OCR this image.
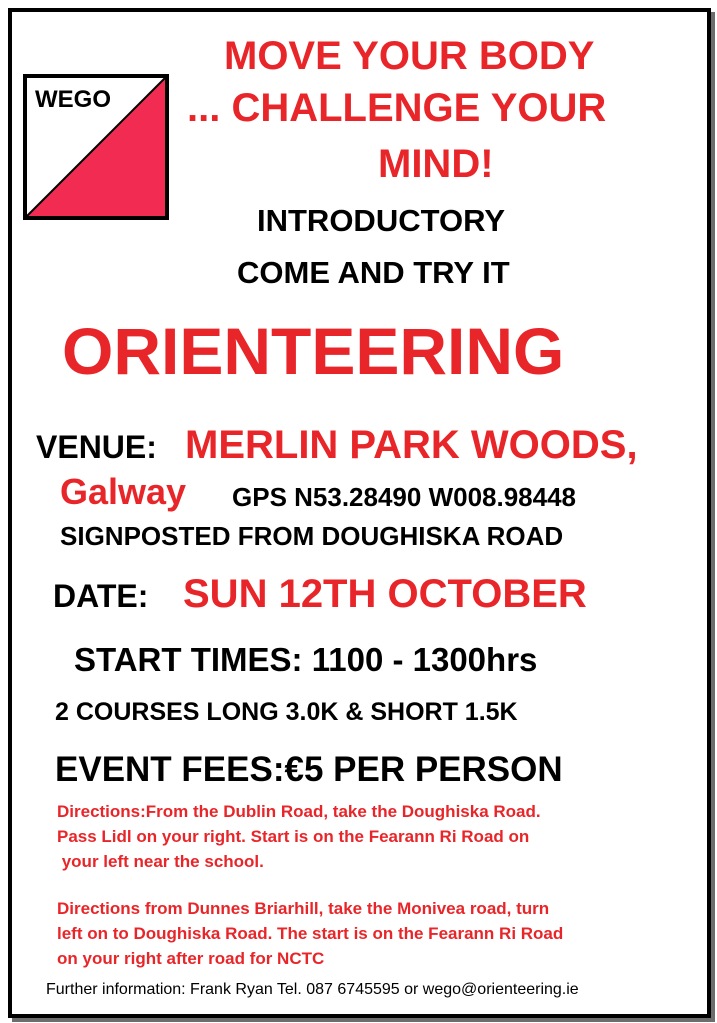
WEGO
MOVE YOUR BODY
... CHALLENGE YOUR
MIND!
INTRODUCTORY
COME AND TRY IT
ORIENTEERING
VENUE: MERLIN PARK WOODS,
Galway GPS N53.28490 W008.98448
SIGNPOSTED FROM DOUGHISKA ROAD
DATE: SUN 12TH OCTOBER
START TIMES: 1100 - 1300hrs
2 COURSES LONG 3.0K & SHORT 1.5K
EVENT FEES:€5 PER PERSON
Directions:From the Dublin Road, take the Doughiska Road.
Pass Lidl on your right. Start is on the Fearann Ri Road on
your left near the school.
Directions from Dunnes Briarhill, take the Monivea road, turn
left on to Doughiska Road. The start is on the Fearann Ri Road
on your right after road for NCTC
Further information: Frank Ryan Tel. 087 6745595 or wego@orienteering.ie
